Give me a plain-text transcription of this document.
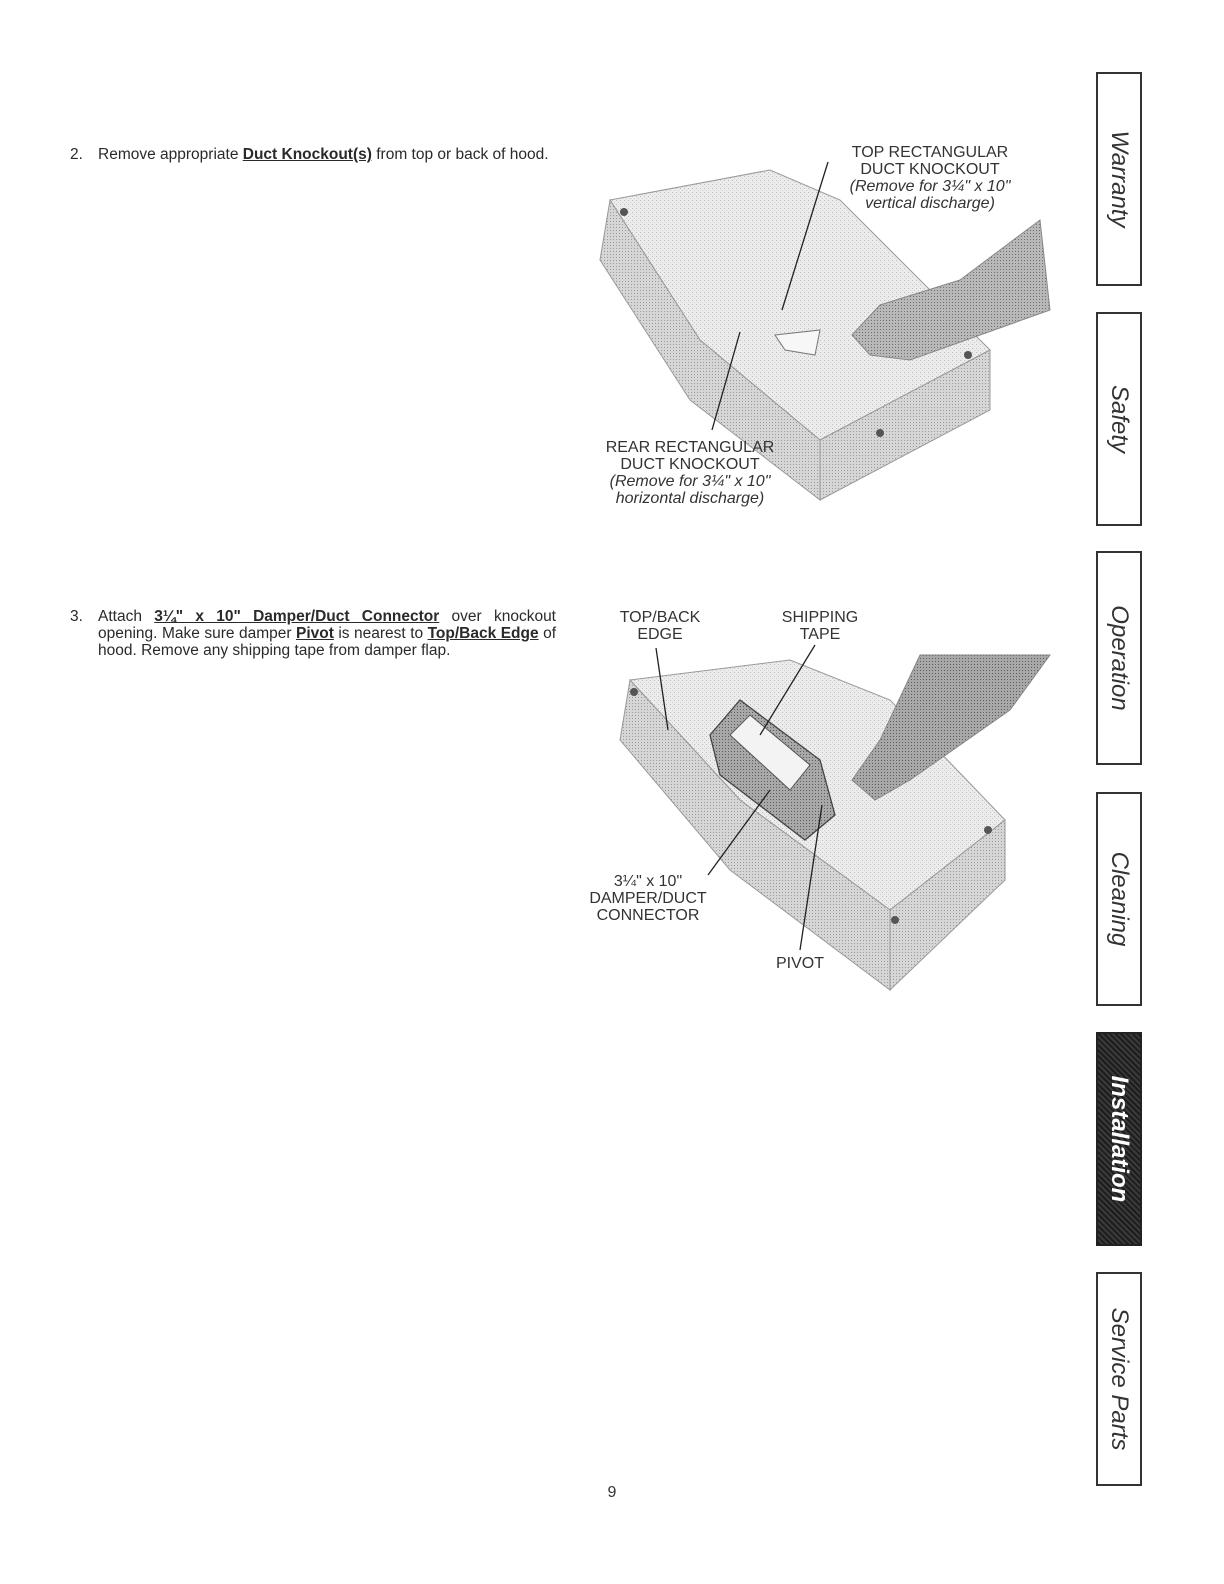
2. Remove appropriate Duct Knockout(s) from top or back of hood.
3. Attach 3¼" x 10" Damper/Duct Connector over knockout opening. Make sure damper Pivot is nearest to Top/Back Edge of hood. Remove any shipping tape from damper flap.
TOP RECTANGULAR
DUCT KNOCKOUT
(Remove for 3¼" x 10"
vertical discharge)
REAR RECTANGULAR
DUCT KNOCKOUT
(Remove for 3¼" x 10"
horizontal discharge)
TOP/BACK
EDGE
SHIPPING
TAPE
3¼" x 10"
DAMPER/DUCT
CONNECTOR
PIVOT
Warranty
Safety
Operation
Cleaning
Installation
Service Parts
9
